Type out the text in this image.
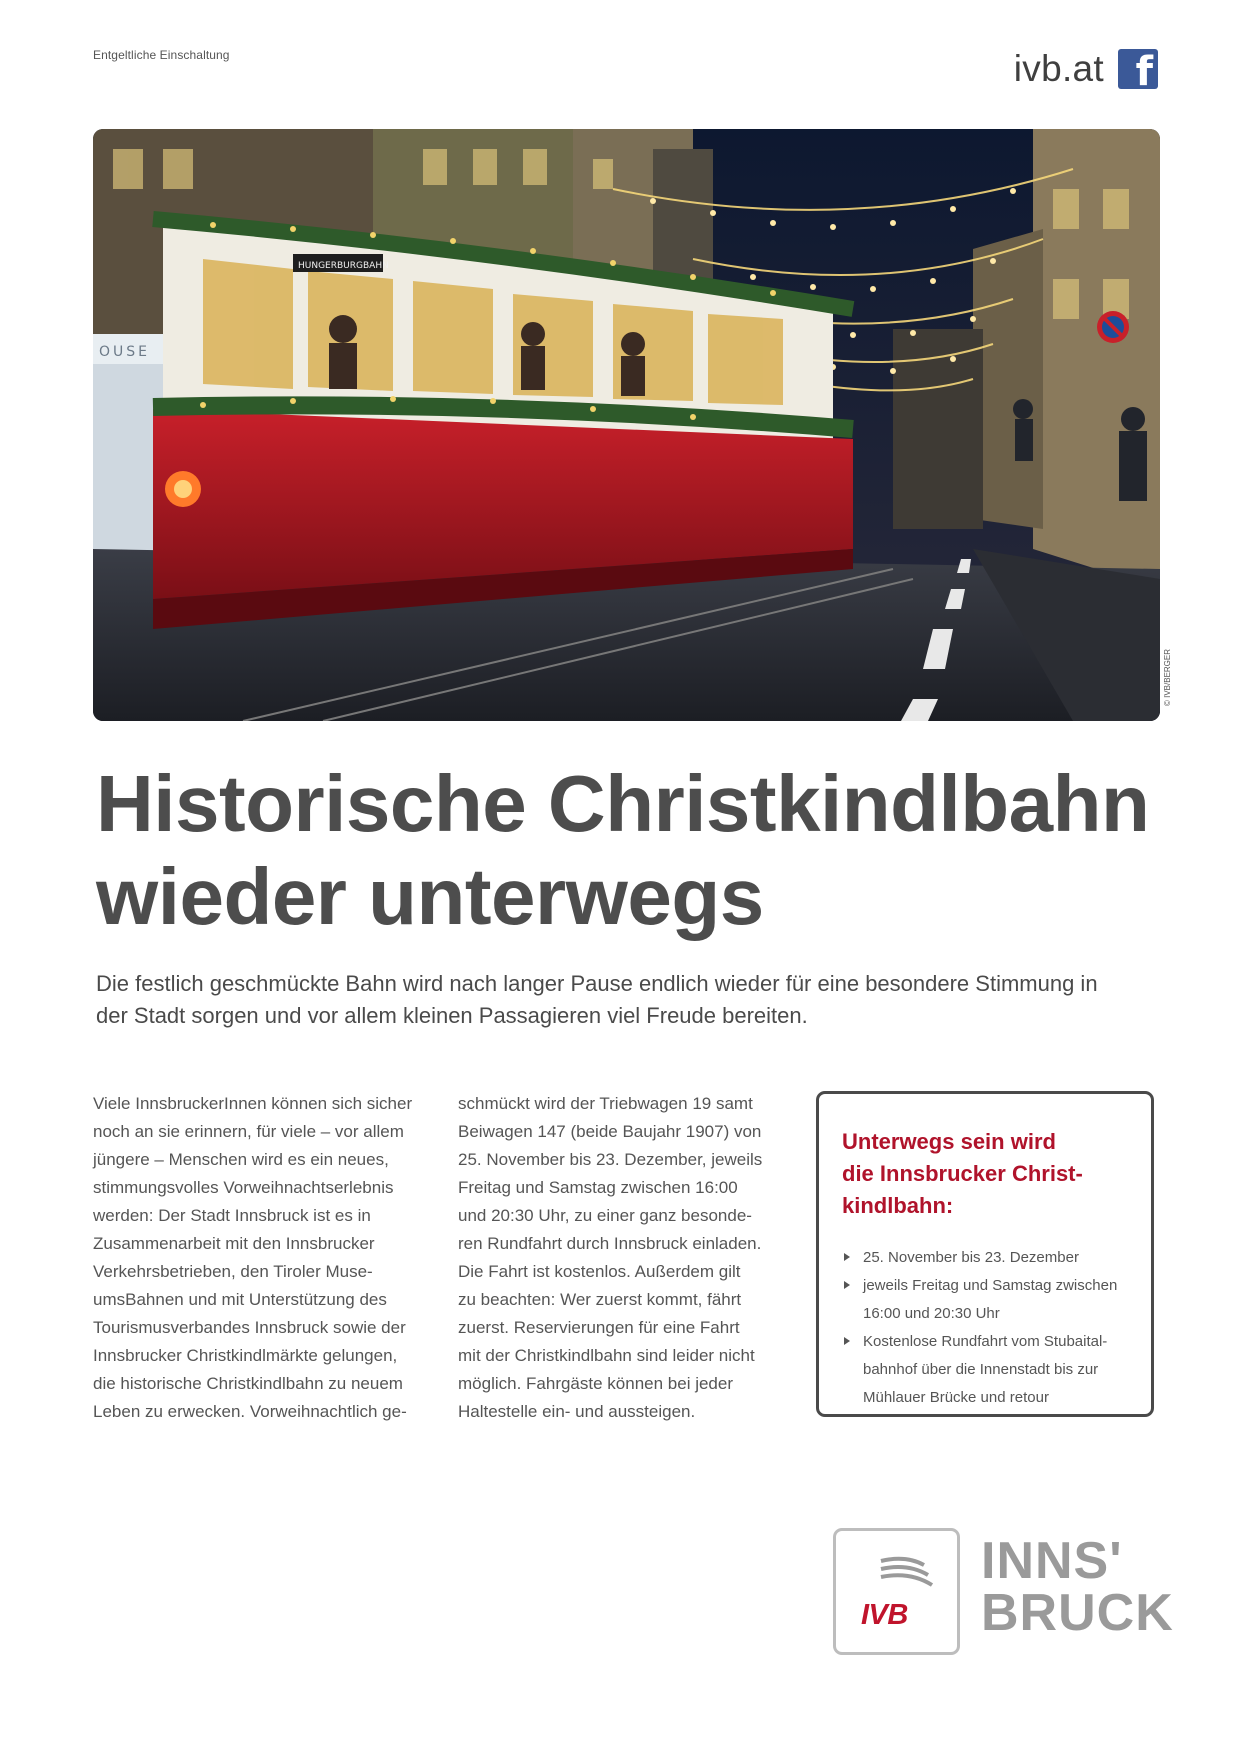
Entgeltliche Einschaltung	ivb.at f
OUSE
HUNGERBURGBAHN
© IVB/BERGER
Historische Christkindlbahn
wieder unterwegs

Die festlich geschmückte Bahn wird nach langer Pause endlich wieder für eine besondere Stimmung in der Stadt sorgen und vor allem kleinen Passagieren viel Freude bereiten.

Viele InnsbruckerInnen können sich sicher
noch an sie erinnern, für viele – vor allem
jüngere – Menschen wird es ein neues,
stimmungsvolles Vorweihnachtserlebnis
werden: Der Stadt Innsbruck ist es in
Zusammenarbeit mit den Innsbrucker
Verkehrsbetrieben, den Tiroler Muse-
umsBahnen und mit Unterstützung des
Tourismusverbandes Innsbruck sowie der
Innsbrucker Christkindlmärkte gelungen,
die historische Christkindlbahn zu neuem
Leben zu erwecken. Vorweihnachtlich ge-
schmückt wird der Triebwagen 19 samt
Beiwagen 147 (beide Baujahr 1907) von
25. November bis 23. Dezember, jeweils
Freitag und Samstag zwischen 16:00
und 20:30 Uhr, zu einer ganz besonde-
ren Rundfahrt durch Innsbruck einladen.
Die Fahrt ist kostenlos. Außerdem gilt
zu beachten: Wer zuerst kommt, fährt
zuerst. Reservierungen für eine Fahrt
mit der Christkindlbahn sind leider nicht
möglich. Fahrgäste können bei jeder
Haltestelle ein- und aussteigen.
Unterwegs sein wird
die Innsbrucker Christ-
kindlbahn:
25. November bis 23. Dezember
jeweils Freitag und Samstag zwischen
16:00 und 20:30 Uhr
Kostenlose Rundfahrt vom Stubaital-
bahnhof über die Innenstadt bis zur
Mühlauer Brücke und retour
IVB
INNS'
BRUCK
